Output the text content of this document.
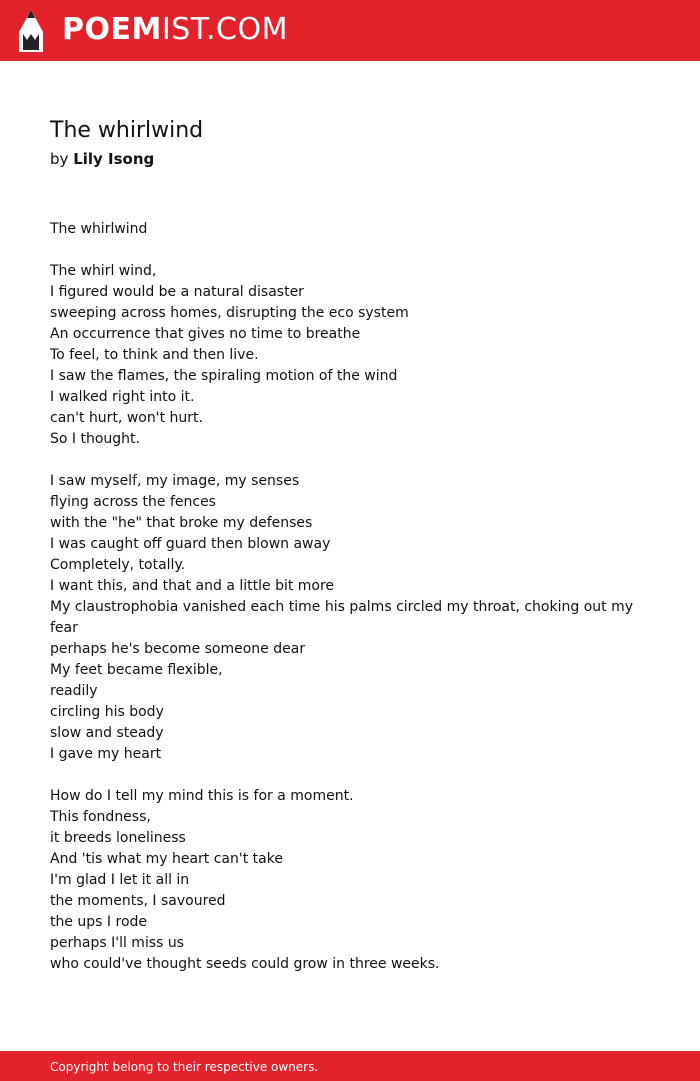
POEMIST.COM
The whirlwind
by Lily Isong
The whirlwind
The whirl wind,
I figured would be a natural disaster
sweeping across homes, disrupting the eco system
An occurrence that gives no time to breathe
To feel, to think and then live.
I saw the flames, the spiraling motion of the wind
I walked right into it.
can't hurt, won't hurt.
So I thought.
I saw myself, my image, my senses
flying across the fences
with the "he" that broke my defenses
I was caught off guard then blown away
Completely, totally.
I want this, and that and a little bit more
My claustrophobia vanished each time his palms circled my throat, choking out my fear
perhaps he's become someone dear
My feet became flexible,
readily
circling his body
slow and steady
I gave my heart
How do I tell my mind this is for a moment.
This fondness,
it breeds loneliness
And 'tis what my heart can't take
I'm glad I let it all in
the moments, I savoured
the ups I rode
perhaps I'll miss us
who could've thought seeds could grow in three weeks.
Copyright belong to their respective owners.
